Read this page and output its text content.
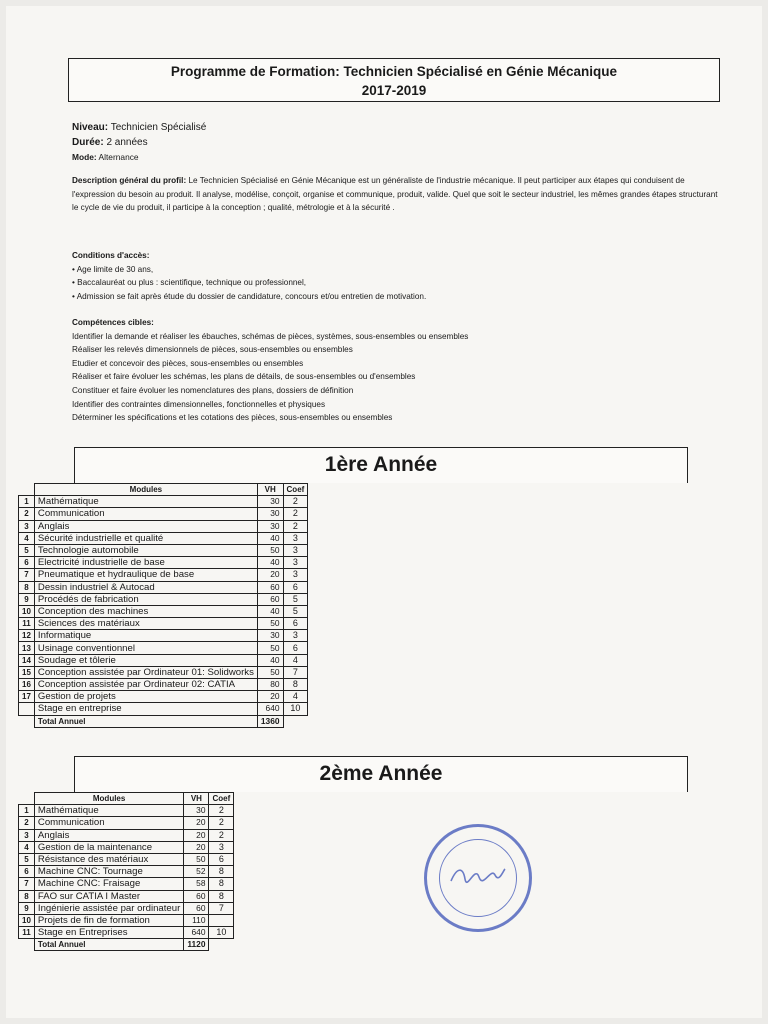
Programme de Formation: Technicien Spécialisé en Génie Mécanique
2017-2019
Niveau: Technicien Spécialisé
Durée: 2 années
Mode: Alternance
Description général du profil: Le Technicien Spécialisé en Génie Mécanique est un généraliste de l'industrie mécanique. Il peut participer aux étapes qui conduisent de l'expression du besoin au produit. Il analyse, modélise, conçoit, organise et communique, produit, valide. Quel que soit le secteur industriel, les mêmes grandes étapes structurant le cycle de vie du produit, il participe à la conception ; qualité, métrologie et à la sécurité .
Conditions d'accès:
• Age limite de 30 ans,
• Baccalauréat ou plus : scientifique, technique ou professionnel,
• Admission se fait après étude du dossier de candidature, concours et/ou entretien de motivation.
Compétences cibles:
Identifier la demande et réaliser les ébauches, schémas de pièces, systèmes, sous-ensembles ou ensembles
Réaliser les relevés dimensionnels de pièces, sous-ensembles ou ensembles
Etudier et concevoir des pièces, sous-ensembles ou ensembles
Réaliser et faire évoluer les schémas, les plans de détails, de sous-ensembles ou d'ensembles
Constituer et faire évoluer les nomenclatures des plans, dossiers de définition
Identifier des contraintes dimensionnelles, fonctionnelles et physiques
Déterminer les spécifications et les cotations des pièces, sous-ensembles ou ensembles
1ère Année
	Modules	VH	Coef
1	Mathématique	30	2
2	Communication	30	2
3	Anglais	30	2
4	Sécurité industrielle et qualité	40	3
5	Technologie automobile	50	3
6	Electricité industrielle de base	40	3
7	Pneumatique et hydraulique de base	20	3
8	Dessin industriel & Autocad	60	6
9	Procédés de fabrication	60	5
10	Conception des machines	40	5
11	Sciences des matériaux	50	6
12	Informatique	30	3
13	Usinage conventionnel	50	6
14	Soudage et tôlerie	40	4
15	Conception assistée par Ordinateur 01: Solidworks	50	7
16	Conception assistée par Ordinateur 02: CATIA	80	8
17	Gestion de projets	20	4
	Stage en entreprise	640	10
	Total Annuel	1360	
2ème Année
	Modules	VH	Coef
1	Mathématique	30	2
2	Communication	20	2
3	Anglais	20	2
4	Gestion de la maintenance	20	3
5	Résistance des matériaux	50	6
6	Machine CNC: Tournage	52	8
7	Machine CNC: Fraisage	58	8
8	FAO sur CATIA I Master	60	8
9	Ingénierie assistée par ordinateur	60	7
10	Projets de fin de formation	110	
11	Stage en Entreprises	640	10
	Total Annuel	1120	
